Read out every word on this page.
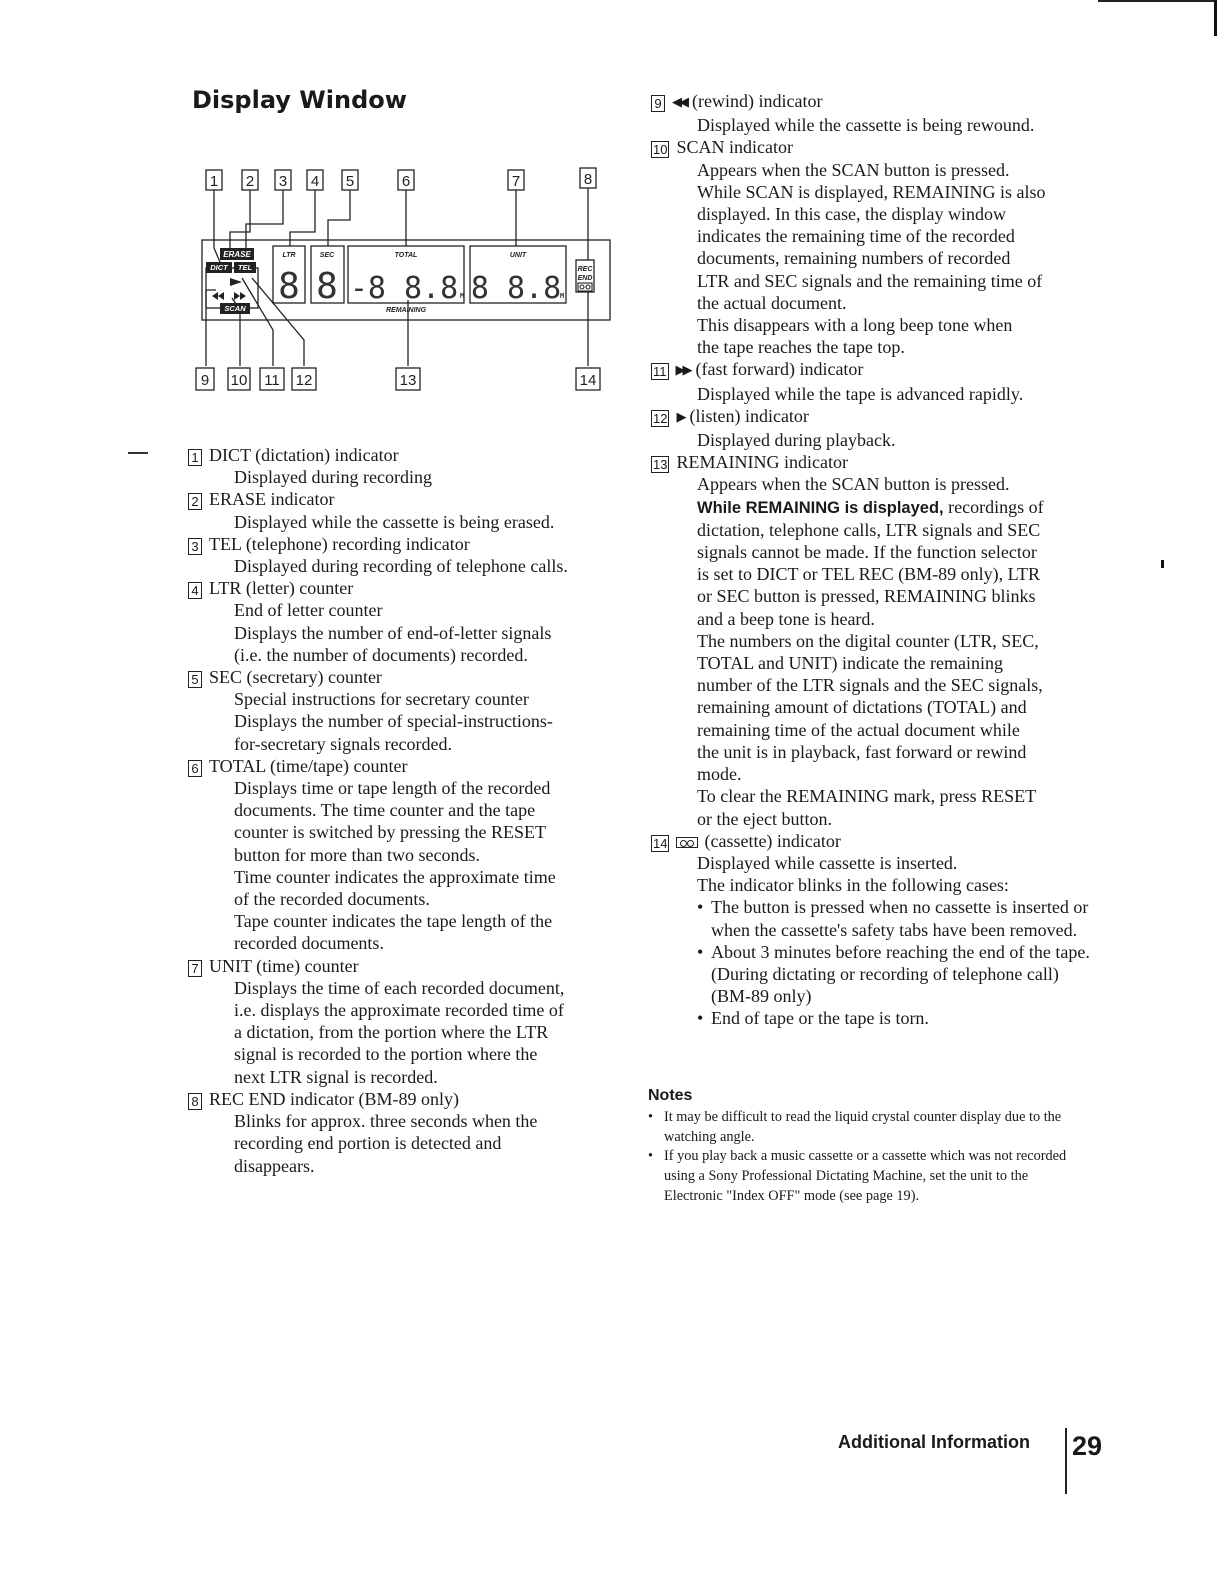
Display Window
1 2 3 4 5	6	7	8
9 10 11 12	13	14
ERASE
DICT TEL
SCAN
LTR	SEC	TOTAL	UNIT
REC
END
REMAINING
8 8 -8 8.8 M 8 8.8
M
1 DICT (dictation) indicator
Displayed during recording
2 ERASE indicator
Displayed while the cassette is being erased.
3 TEL (telephone) recording indicator
Displayed during recording of telephone calls.
4 LTR (letter) counter
End of letter counter
Displays the number of end-of-letter signals
(i.e. the number of documents) recorded.
5 SEC (secretary) counter
Special instructions for secretary counter
Displays the number of special-instructions-
for-secretary signals recorded.
6 TOTAL (time/tape) counter
Displays time or tape length of the recorded
documents. The time counter and the tape
counter is switched by pressing the RESET
button for more than two seconds.
Time counter indicates the approximate time
of the recorded documents.
Tape counter indicates the tape length of the
recorded documents.
7 UNIT (time) counter
Displays the time of each recorded document,
i.e. displays the approximate recorded time of
a dictation, from the portion where the LTR
signal is recorded to the portion where the
next LTR signal is recorded.
8 REC END indicator (BM-89 only)
Blinks for approx. three seconds when the
recording end portion is detected and
disappears.
9 ◀◀ (rewind) indicator
Displayed while the cassette is being rewound.
10 SCAN indicator
Appears when the SCAN button is pressed.
While SCAN is displayed, REMAINING is also
displayed. In this case, the display window
indicates the remaining time of the recorded
documents, remaining numbers of recorded
LTR and SEC signals and the remaining time of
the actual document.
This disappears with a long beep tone when
the tape reaches the tape top.
11 ▶▶ (fast forward) indicator
Displayed while the tape is advanced rapidly.
12 ▶ (listen) indicator
Displayed during playback.
13 REMAINING indicator
Appears when the SCAN button is pressed.
While REMAINING is displayed, recordings of
dictation, telephone calls, LTR signals and SEC
signals cannot be made. If the function selector
is set to DICT or TEL REC (BM-89 only), LTR
or SEC button is pressed, REMAINING blinks
and a beep tone is heard.
The numbers on the digital counter (LTR, SEC,
TOTAL and UNIT) indicate the remaining
number of the LTR signals and the SEC signals,
remaining amount of dictations (TOTAL) and
remaining time of the actual document while
the unit is in playback, fast forward or rewind
mode.
To clear the REMAINING mark, press RESET
or the eject button.
14 (cassette) indicator
Displayed while cassette is inserted.
The indicator blinks in the following cases:
• The button is pressed when no cassette is inserted or when the cassette's safety tabs have been removed.
• About 3 minutes before reaching the end of the tape. (During dictating or recording of telephone call) (BM-89 only)
• End of tape or the tape is torn.
Notes
• It may be difficult to read the liquid crystal counter display due to the watching angle.
• If you play back a music cassette or a cassette which was not recorded using a Sony Professional Dictating Machine, set the unit to the Electronic "Index OFF" mode (see page 19).
Additional Information 29
